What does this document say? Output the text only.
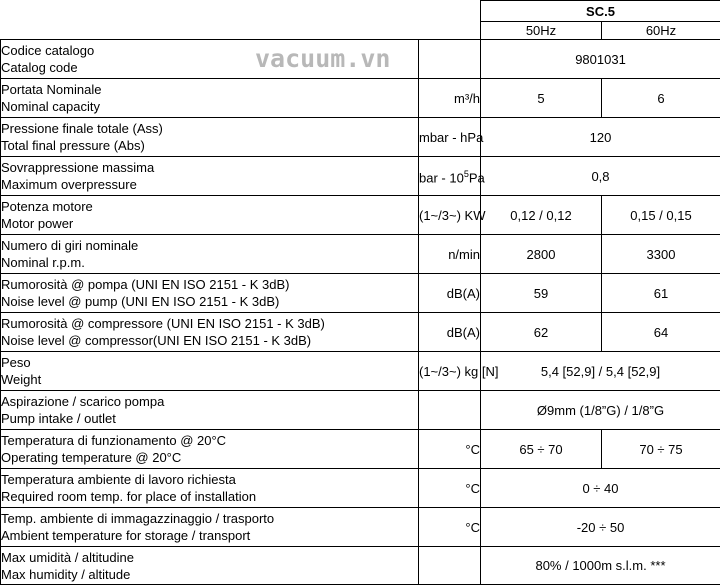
		SC.5	
		50Hz	60Hz
Codice catalogo
Catalog code		9801031	
Portata Nominale
Nominal capacity	m³/h	5	6
Pressione finale totale (Ass)
Total final pressure (Abs)	mbar - hPa	120	
Sovrappressione massima
Maximum overpressure	bar - $10^5Pa$	0,8	
Potenza motore
Motor power	(1~/3~) KW	0,12 / 0,12	0,15 / 0,15
Numero di giri nominale
Nominal r.p.m.	n/min	2800	3300
Rumorosità @ pompa (UNI EN ISO 2151 - K 3dB)
Noise level @ pump (UNI EN ISO 2151 - K 3dB)	dB(A)	59	61
Rumorosità @ compressore (UNI EN ISO 2151 - K 3dB)
Noise level @ compressor(UNI EN ISO 2151 - K 3dB)	dB(A)	62	64
Peso
Weight	(1~/3~) kg [N]	5,4 [52,9] / 5,4 [52,9]	
Aspirazione / scarico pompa
Pump intake / outlet		Ø9mm (1/8”G) / 1/8”G	
Temperatura di funzionamento @ 20°C
Operating temperature @ 20°C	°C	65 ÷ 70	70 ÷ 75
Temperatura ambiente di lavoro richiesta
Required room temp. for place of installation	°C	0 ÷ 40	
Temp. ambiente di immagazzinaggio / trasporto
Ambient temperature for storage / transport	°C	-20 ÷ 50	
Max umidità / altitudine
Max humidity / altitude		80% / 1000m s.l.m. ***	
vacuum.vn
